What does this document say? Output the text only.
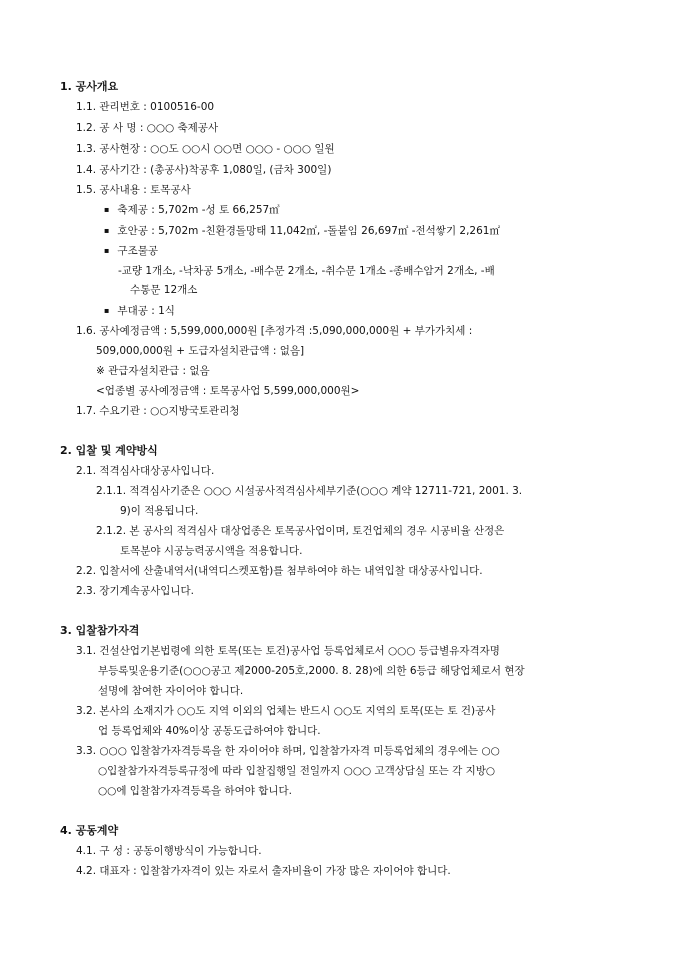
1. 공사개요
1.1. 관리번호 : 0100516-00
1.2. 공 사 명 : ○○○ 축제공사
1.3. 공사현장 : ○○도 ○○시 ○○면 ○○○ - ○○○ 일원
1.4. 공사기간 : (총공사)착공후 1,080일, (금차 300일)
1.5. 공사내용 : 토목공사
▪ 축제공 : 5,702m -성 토 66,257㎥
▪ 호안공 : 5,702m -친환경돌망태 11,042㎡, -돌붙임 26,697㎡ -전석쌓기 2,261㎡
▪ 구조물공
-교량 1개소, -낙차공 5개소, -배수문 2개소, -취수문 1개소 -종배수암거 2개소, -배
수통문 12개소
▪ 부대공 : 1식
1.6. 공사예정금액 : 5,599,000,000원 [추정가격 :5,090,000,000원 + 부가가치세 :
509,000,000원 + 도급자설치관급액 : 없음]
※ 관급자설치관급 : 없음
<업종별 공사예정금액 : 토목공사업 5,599,000,000원>
1.7. 수요기관 : ○○지방국토관리청
2. 입찰 및 계약방식
2.1. 적격심사대상공사입니다.
2.1.1. 적격심사기준은 ○○○ 시설공사적격심사세부기준(○○○ 계약 12711-721, 2001. 3.
9)이 적용됩니다.
2.1.2. 본 공사의 적격심사 대상업종은 토목공사업이며, 토건업체의 경우 시공비율 산정은
토목분야 시공능력공시액을 적용합니다.
2.2. 입찰서에 산출내역서(내역디스켓포함)를 첨부하여야 하는 내역입찰 대상공사입니다.
2.3. 장기계속공사입니다.
3. 입찰참가자격
3.1. 건설산업기본법령에 의한 토목(또는 토건)공사업 등록업체로서 ○○○ 등급별유자격자명
부등록및운용기준(○○○공고 제2000-205호,2000. 8. 28)에 의한 6등급 해당업체로서 현장
설명에 참여한 자이어야 합니다.
3.2. 본사의 소재지가 ○○도 지역 이외의 업체는 반드시 ○○도 지역의 토목(또는 토 건)공사
업 등록업체와 40%이상 공동도급하여야 합니다.
3.3. ○○○ 입찰참가자격등록을 한 자이어야 하며, 입찰참가자격 미등록업체의 경우에는 ○○
○입찰참가자격등록규정에 따라 입찰집행일 전일까지 ○○○ 고객상담실 또는 각 지방○
○○에 입찰참가자격등록을 하여야 합니다.
4. 공동계약
4.1. 구 성 : 공동이행방식이 가능합니다.
4.2. 대표자 : 입찰참가자격이 있는 자로서 출자비율이 가장 많은 자이어야 합니다.
